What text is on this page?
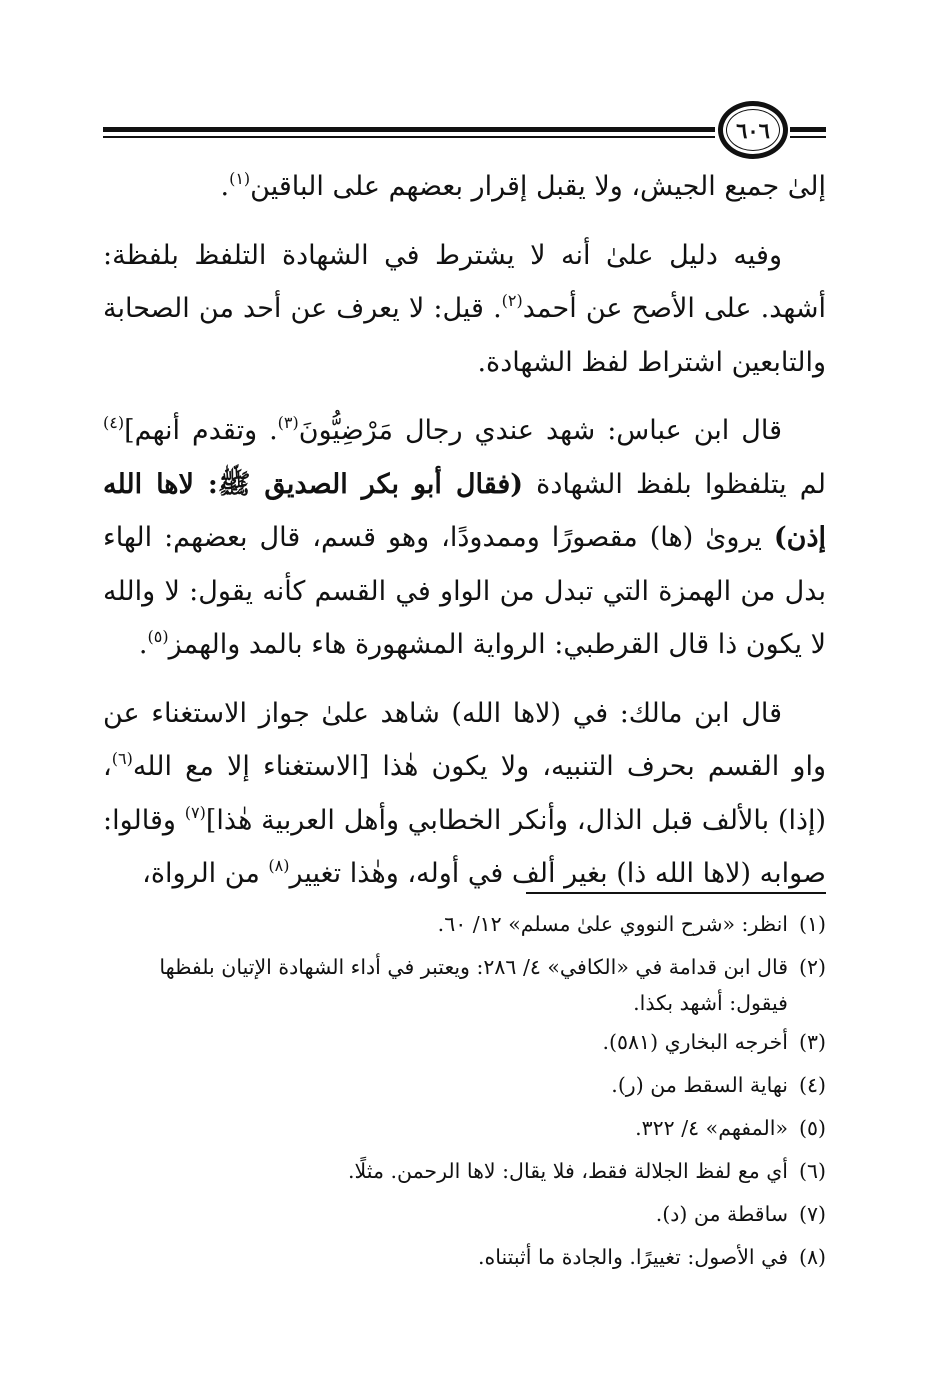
٦٠٦

إلىٰ جميع الجيش، ولا يقبل إقرار بعضهم على الباقين$^{(١)}$.

وفيه دليل علىٰ أنه لا يشترط في الشهادة التلفظ بلفظة: أشهد. على الأصح عن أحمد$^{(٢)}$. قيل: لا يعرف عن أحد من الصحابة والتابعين اشتراط لفظ الشهادة.

قال ابن عباس: شهد عندي رجال مَرْضِيُّونَ$^{(٣)}$. وتقدم أنهم]$^{(٤)}$ لم يتلفظوا بلفظ الشهادة (فقال أبو بكر الصديق ﷺ: لاها الله إذن) يروىٰ (ها) مقصورًا وممدودًا، وهو قسم، قال بعضهم: الهاء بدل من الهمزة التي تبدل من الواو في القسم كأنه يقول: لا والله لا يكون ذا قال القرطبي: الرواية المشهورة هاء بالمد والهمز$^{(٥)}$.

قال ابن مالك: في (لاها الله) شاهد علىٰ جواز الاستغناء عن واو القسم بحرف التنبيه، ولا يكون هٰذا [الاستغناء إلا مع الله$^{(٦)}$، (إذا) بالألف قبل الذال، وأنكر الخطابي وأهل العربية هٰذا]$^{(٧)}$ وقالوا: صوابه (لاها الله ذا) بغير ألف في أوله، وهٰذا تغيير$^{(٨)}$ من الرواة،

(١)
انظر: «شرح النووي علىٰ مسلم» ١٢/ ٦٠.
(٢)
قال ابن قدامة في «الكافي» ٤/ ٢٨٦: ويعتبر في أداء الشهادة الإتيان بلفظها فيقول: أشهد بكذا.
(٣)
أخرجه البخاري (٥٨١).
(٤)
نهاية السقط من (ر).
(٥)
«المفهم» ٤/ ٣٢٢.
(٦)
أي مع لفظ الجلالة فقط، فلا يقال: لاها الرحمن. مثلًا.
(٧)
ساقطة من (د).
(٨)
في الأصول: تغييرًا. والجادة ما أثبتناه.
